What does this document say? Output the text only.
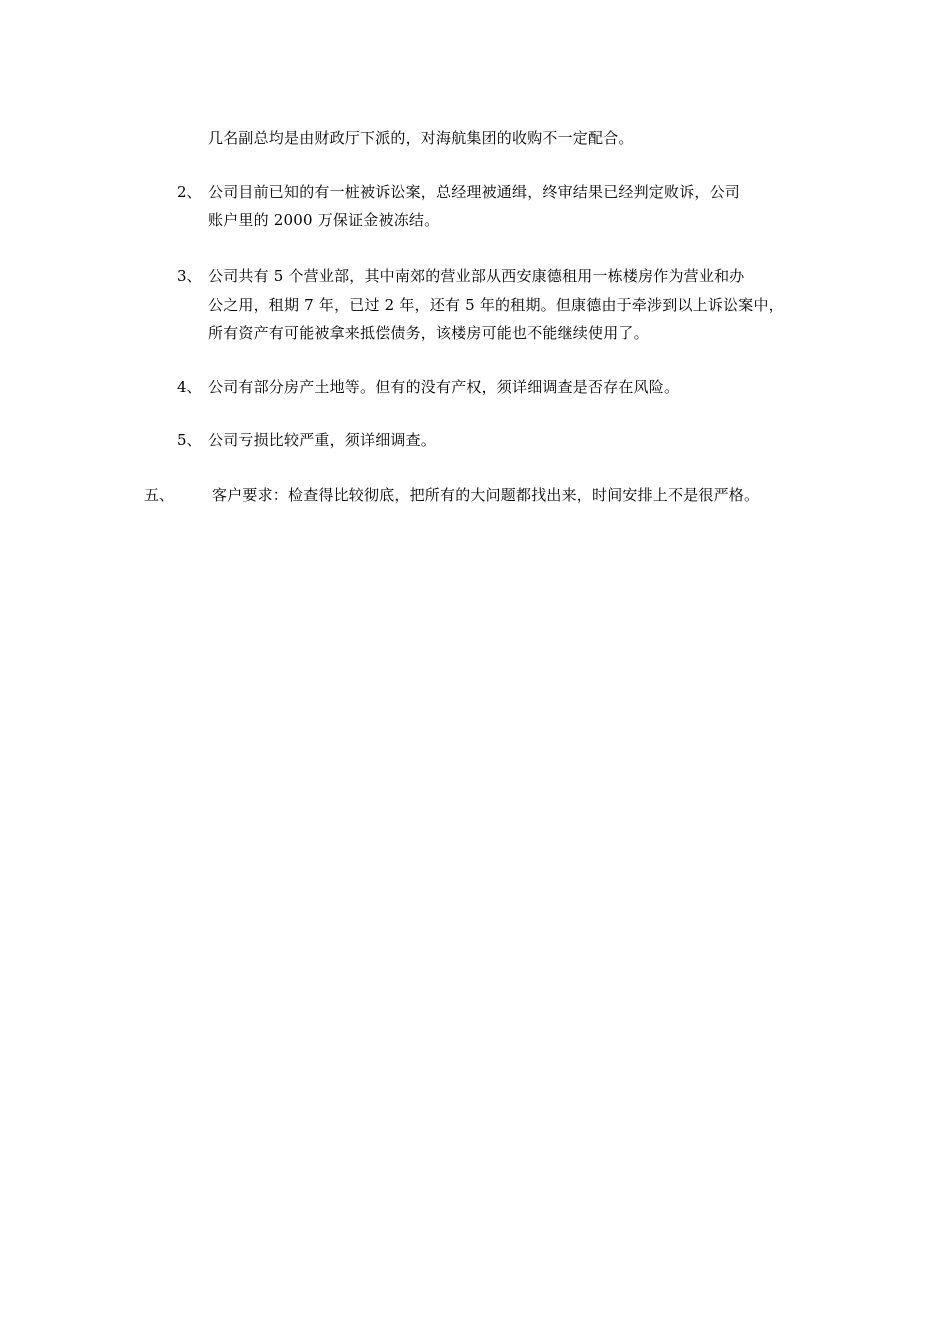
几名副总均是由财政厅下派的，对海航集团的收购不一定配合。
2、 公司目前已知的有一桩被诉讼案，总经理被通缉，终审结果已经判定败诉，公司
账户里的 2000 万保证金被冻结。
3、 公司共有 5 个营业部，其中南郊的营业部从西安康德租用一栋楼房作为营业和办
公之用，租期 7 年，已过 2 年，还有 5 年的租期。但康德由于牵涉到以上诉讼案中，
所有资产有可能被拿来抵偿债务，该楼房可能也不能继续使用了。
4、 公司有部分房产土地等。但有的没有产权，须详细调查是否存在风险。
5、 公司亏损比较严重，须详细调查。
五、	客户要求：检查得比较彻底，把所有的大问题都找出来，时间安排上不是很严格。
